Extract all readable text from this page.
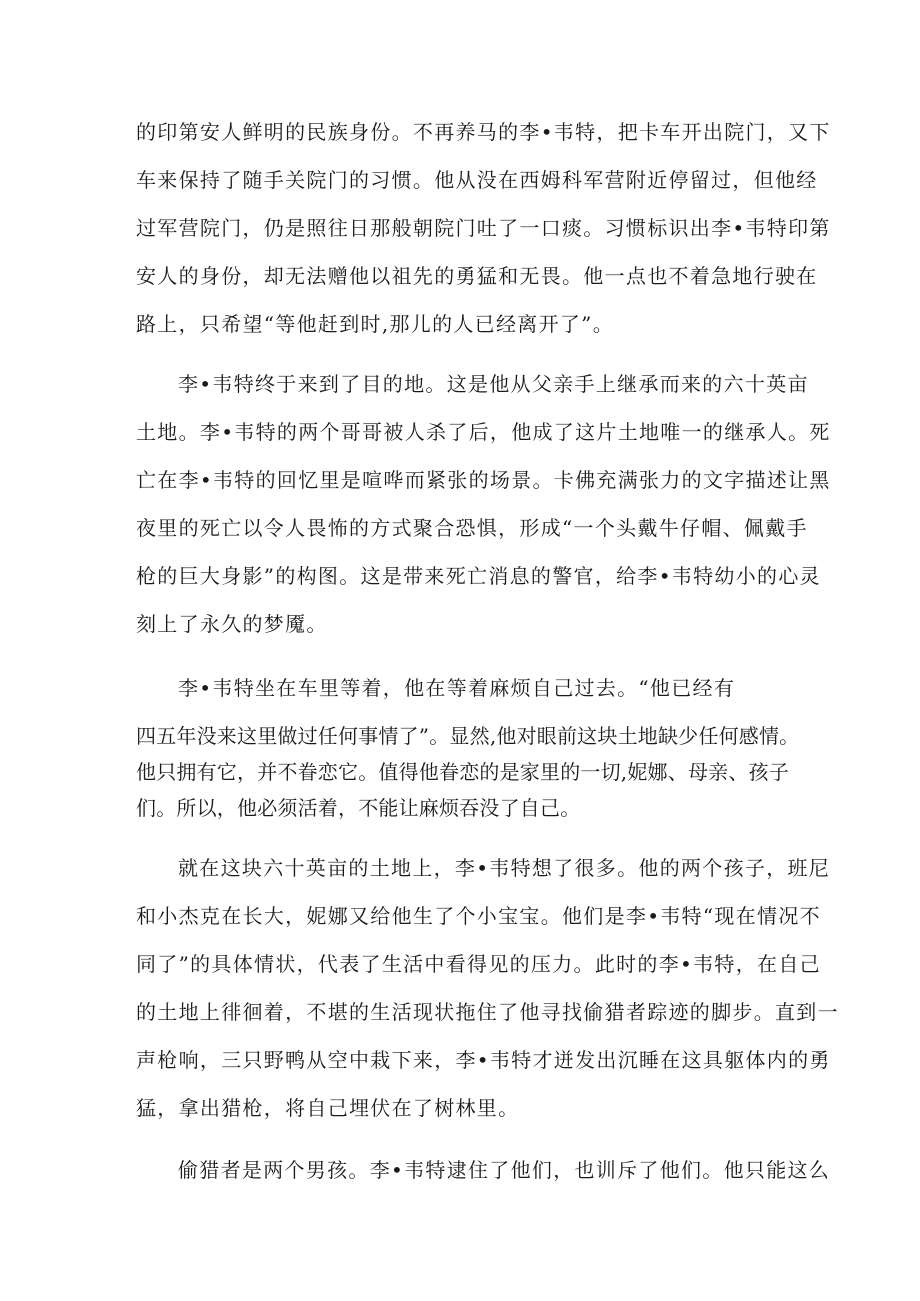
的印第安人鲜明的民族身份。不再养马的李•韦特，把卡车开出院门，又下
车来保持了随手关院门的习惯。他从没在西姆科军营附近停留过，但他经
过军营院门，仍是照往日那般朝院门吐了一口痰。习惯标识出李•韦特印第
安人的身份，却无法赠他以祖先的勇猛和无畏。他一点也不着急地行驶在
路上，只希望“等他赶到时,那儿的人已经离开了”。
李•韦特终于来到了目的地。这是他从父亲手上继承而来的六十英亩
土地。李•韦特的两个哥哥被人杀了后，他成了这片土地唯一的继承人。死
亡在李•韦特的回忆里是喧哗而紧张的场景。卡佛充满张力的文字描述让黑
夜里的死亡以令人畏怖的方式聚合恐惧，形成“一个头戴牛仔帽、佩戴手
枪的巨大身影”的构图。这是带来死亡消息的警官，给李•韦特幼小的心灵
刻上了永久的梦魇。
李•韦特坐在车里等着，他在等着麻烦自己过去。“他已经有
四五年没来这里做过任何事情了”。显然,他对眼前这块土地缺少任何感情。
他只拥有它，并不眷恋它。值得他眷恋的是家里的一切,妮娜、母亲、孩子
们。所以，他必须活着，不能让麻烦吞没了自己。
就在这块六十英亩的土地上，李•韦特想了很多。他的两个孩子，班尼
和小杰克在长大，妮娜又给他生了个小宝宝。他们是李•韦特“现在情况不
同了”的具体情状，代表了生活中看得见的压力。此时的李•韦特，在自己
的土地上徘徊着，不堪的生活现状拖住了他寻找偷猎者踪迹的脚步。直到一
声枪响，三只野鸭从空中栽下来，李•韦特才迸发出沉睡在这具躯体内的勇
猛，拿出猎枪，将自己埋伏在了树林里。
偷猎者是两个男孩。李•韦特逮住了他们，也训斥了他们。他只能这么
